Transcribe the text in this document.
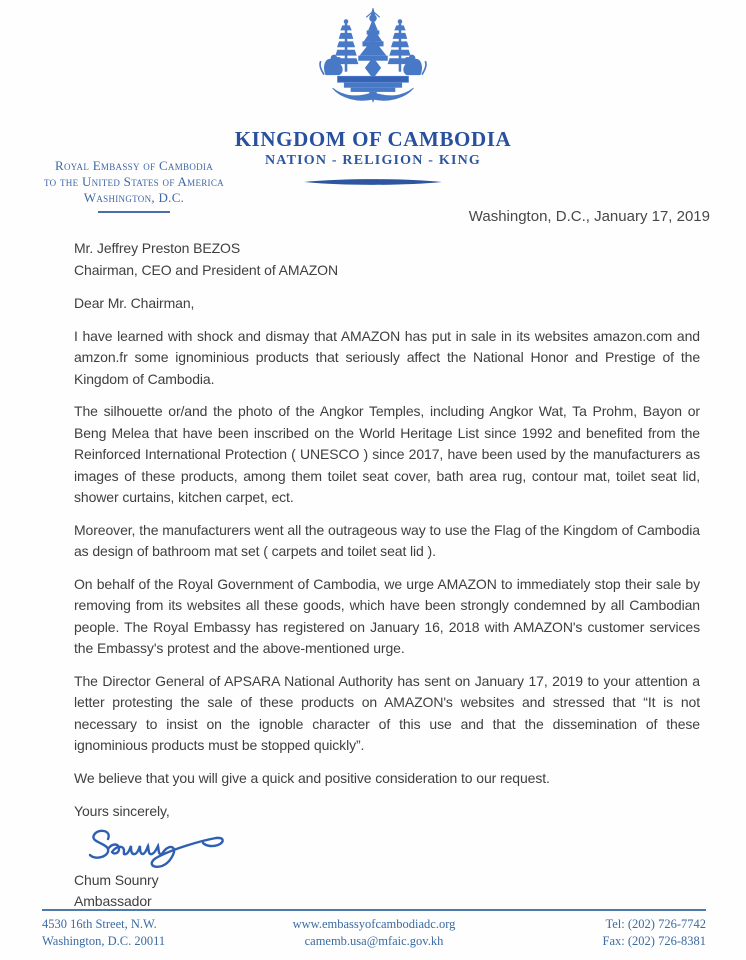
KINGDOM OF CAMBODIA
NATION - RELIGION - KING
Royal Embassy of Cambodia
to the United States of America
Washington, D.C.
Washington, D.C., January 17, 2019
Mr. Jeffrey Preston BEZOS
Chairman, CEO and President of AMAZON
Dear Mr. Chairman,

I have learned with shock and dismay that AMAZON has put in sale in its websites amazon.com and amzon.fr some ignominious products that seriously affect the National Honor and Prestige of the Kingdom of Cambodia.

The silhouette or/and the photo of the Angkor Temples, including Angkor Wat, Ta Prohm, Bayon or Beng Melea that have been inscribed on the World Heritage List since 1992 and benefited from the Reinforced International Protection ( UNESCO ) since 2017, have been used by the manufacturers as images of these products, among them toilet seat cover, bath area rug, contour mat, toilet seat lid, shower curtains, kitchen carpet, ect.

Moreover, the manufacturers went all the outrageous way to use the Flag of the Kingdom of Cambodia as design of bathroom mat set ( carpets and toilet seat lid ).

On behalf of the Royal Government of Cambodia, we urge AMAZON to immediately stop their sale by removing from its websites all these goods, which have been strongly condemned by all Cambodian people. The Royal Embassy has registered on January 16, 2018 with AMAZON's customer services the Embassy's protest and the above-mentioned urge.

The Director General of APSARA National Authority has sent on January 17, 2019 to your attention a letter protesting the sale of these products on AMAZON's websites and stressed that “It is not necessary to insist on the ignoble character of this use and that the dissemination of these ignominious products must be stopped quickly”.

We believe that you will give a quick and positive consideration to our request.

Yours sincerely,
Chum Sounry
Ambassador
4530 16th Street, N.W.
Washington, D.C. 20011
www.embassyofcambodiadc.org
camemb.usa@mfaic.gov.kh
Tel: (202) 726-7742
Fax: (202) 726-8381
